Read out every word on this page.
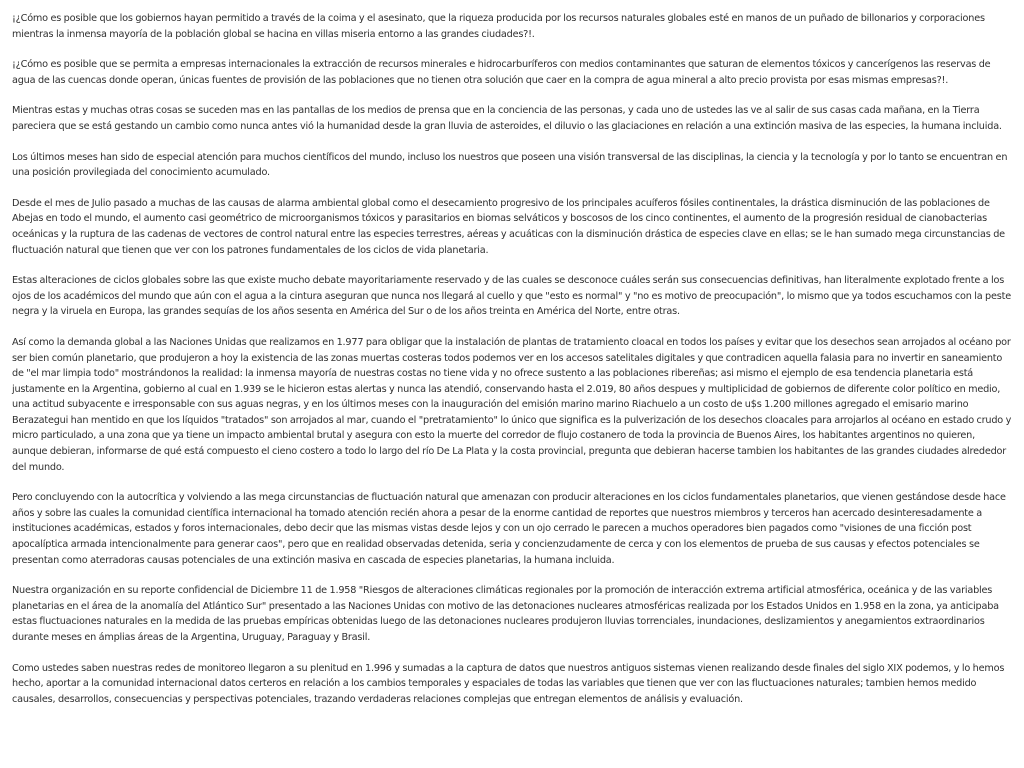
¡¿Cómo es posible que los gobiernos hayan permitido a través de la coima y el asesinato, que la riqueza producida por los recursos naturales globales esté en manos de un puñado de billonarios y corporaciones mientras la inmensa mayoría de la población global se hacina en villas miseria entorno a las grandes ciudades?!.

¡¿Cómo es posible que se permita a empresas internacionales la extracción de recursos minerales e hidrocarburíferos con medios contaminantes que saturan de elementos tóxicos y cancerígenos las reservas de agua de las cuencas donde operan, únicas fuentes de provisión de las poblaciones que no tienen otra solución que caer en la compra de agua mineral a alto precio provista por esas mismas empresas?!.

Mientras estas y muchas otras cosas se suceden mas en las pantallas de los medios de prensa que en la conciencia de las personas, y cada uno de ustedes las ve al salir de sus casas cada mañana, en la Tierra pareciera que se está gestando un cambio como nunca antes vió la humanidad desde la gran lluvia de asteroides, el diluvio o las glaciaciones en relación a una extinción masiva de las especies, la humana incluida.

Los últimos meses han sido de especial atención para muchos científicos del mundo, incluso los nuestros que poseen una visión transversal de las disciplinas, la ciencia y la tecnología y por lo tanto se encuentran en una posición provilegiada del conocimiento acumulado.

Desde el mes de Julio pasado a muchas de las causas de alarma ambiental global como el desecamiento progresivo de los principales acuíferos fósiles continentales, la drástica disminución de las poblaciones de Abejas en todo el mundo, el aumento casi geométrico de microorganismos tóxicos y parasitarios en biomas selváticos y boscosos de los cinco continentes, el aumento de la progresión residual de cianobacterias oceánicas y la ruptura de las cadenas de vectores de control natural entre las especies terrestres, aéreas y acuáticas con la disminución drástica de especies clave en ellas; se le han sumado mega circunstancias de fluctuación natural que tienen que ver con los patrones fundamentales de los ciclos de vida planetaria.

Estas alteraciones de ciclos globales sobre las que existe mucho debate mayoritariamente reservado y de las cuales se desconoce cuáles serán sus consecuencias definitivas, han literalmente explotado frente a los ojos de los académicos del mundo que aún con el agua a la cintura aseguran que nunca nos llegará al cuello y que "esto es normal" y "no es motivo de preocupación", lo mismo que ya todos escuchamos con la peste negra y la viruela en Europa, las grandes sequías de los años sesenta en América del Sur o de los años treinta en América del Norte, entre otras.

Así como la demanda global a las Naciones Unidas que realizamos en 1.977 para obligar que la instalación de plantas de tratamiento cloacal en todos los países y evitar que los desechos sean arrojados al océano por ser bien común planetario, que produjeron a hoy la existencia de las zonas muertas costeras todos podemos ver en los accesos satelitales digitales y que contradicen aquella falasia para no invertir en saneamiento de "el mar limpia todo" mostrándonos la realidad: la inmensa mayoría de nuestras costas no tiene vida y no ofrece sustento a las poblaciones ribereñas; asi mismo el ejemplo de esa tendencia planetaria está justamente en la Argentina, gobierno al cual en 1.939 se le hicieron estas alertas y nunca las atendió, conservando hasta el 2.019, 80 años despues y multiplicidad de gobiernos de diferente color político en medio, una actitud subyacente e irresponsable con sus aguas negras, y en los últimos meses con la inauguración del emisión marino marino Riachuelo a un costo de u$s 1.200 millones agregado el emisario marino Berazategui han mentido en que los líquidos "tratados" son arrojados al mar, cuando el "pretratamiento" lo único que significa es la pulverización de los desechos cloacales para arrojarlos al océano en estado crudo y micro particulado, a una zona que ya tiene un impacto ambiental brutal y asegura con esto la muerte del corredor de flujo costanero de toda la provincia de Buenos Aires, los habitantes argentinos no quieren, aunque debieran, informarse de qué está compuesto el cieno costero a todo lo largo del río De La Plata y la costa provincial, pregunta que debieran hacerse tambien los habitantes de las grandes ciudades alrededor del mundo.

Pero concluyendo con la autocrítica y volviendo a las mega circunstancias de fluctuación natural que amenazan con producir alteraciones en los ciclos fundamentales planetarios, que vienen gestándose desde hace años y sobre las cuales la comunidad científica internacional ha tomado atención recién ahora a pesar de la enorme cantidad de reportes que nuestros miembros y terceros han acercado desinteresadamente a instituciones académicas, estados y foros internacionales, debo decir que las mismas vistas desde lejos y con un ojo cerrado le parecen a muchos operadores bien pagados como "visiones de una ficción post apocalíptica armada intencionalmente para generar caos", pero que en realidad observadas detenida, seria y concienzudamente de cerca y con los elementos de prueba de sus causas y efectos potenciales se presentan como aterradoras causas potenciales de una extinción masiva en cascada de especies planetarias, la humana incluida.

Nuestra organización en su reporte confidencial de Diciembre 11 de 1.958 "Riesgos de alteraciones climáticas regionales por la promoción de interacción extrema artificial atmosférica, oceánica y de las variables planetarias en el área de la anomalía del Atlántico Sur" presentado a las Naciones Unidas con motivo de las detonaciones nucleares atmosféricas realizada por los Estados Unidos en 1.958 en la zona, ya anticipaba estas fluctuaciones naturales en la medida de las pruebas empíricas obtenidas luego de las detonaciones nucleares produjeron lluvias torrenciales, inundaciones, deslizamientos y anegamientos extraordinarios durante meses en ámplias áreas de la Argentina, Uruguay, Paraguay y Brasil.

Como ustedes saben nuestras redes de monitoreo llegaron a su plenitud en 1.996 y sumadas a la captura de datos que nuestros antiguos sistemas vienen realizando desde finales del siglo XIX podemos, y lo hemos hecho, aportar a la comunidad internacional datos certeros en relación a los cambios temporales y espaciales de todas las variables que tienen que ver con las fluctuaciones naturales; tambien hemos medido causales, desarrollos, consecuencias y perspectivas potenciales, trazando verdaderas relaciones complejas que entregan elementos de análisis y evaluación.
